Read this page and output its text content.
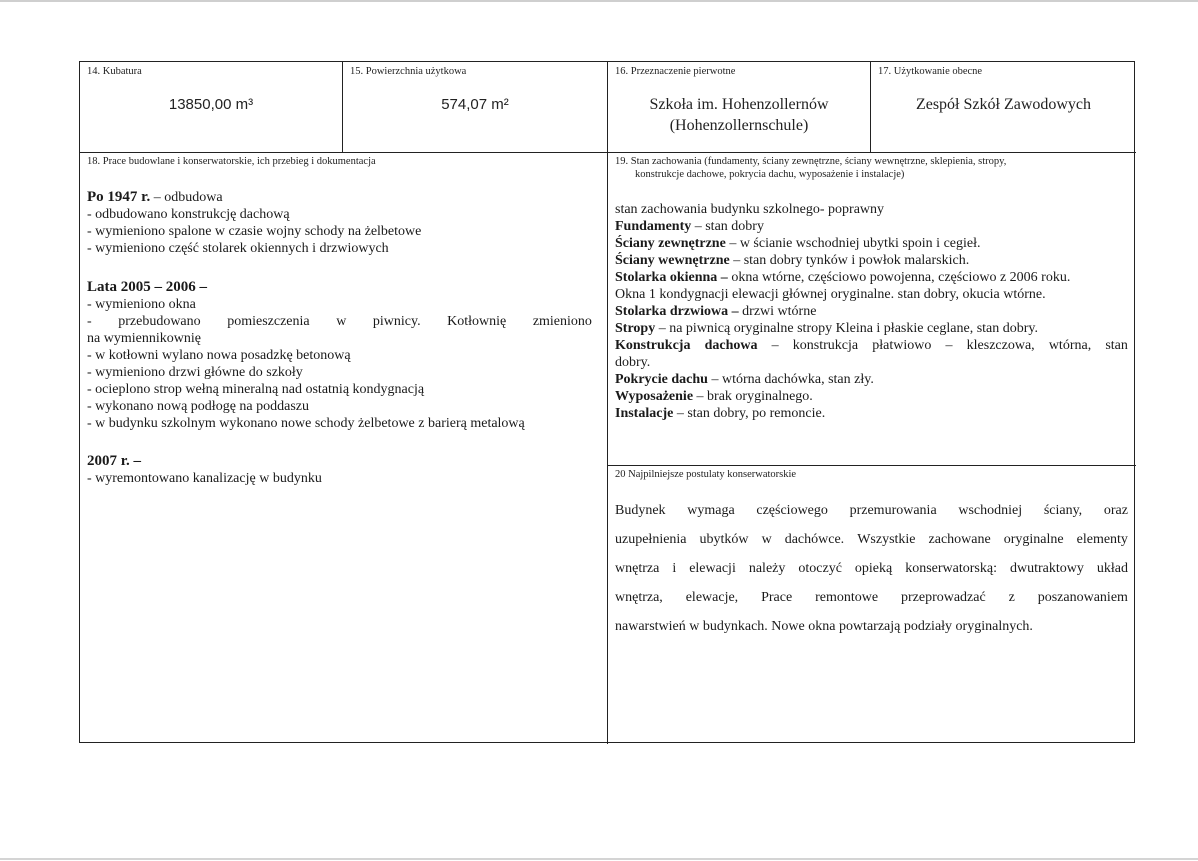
14. Kubatura
13850,00 m³
15. Powierzchnia użytkowa
574,07 m²
16. Przeznaczenie pierwotne
Szkoła im. Hohenzollernów
(Hohenzollernschule)
17. Użytkowanie obecne
Zespół Szkół Zawodowych
18. Prace budowlane i konserwatorskie, ich przebieg i dokumentacja
Po 1947 r. – odbudowa
- odbudowano konstrukcję dachową
- wymieniono spalone w czasie wojny schody na żelbetowe
- wymieniono część stolarek okiennych i drzwiowych
Lata 2005 – 2006 –
- wymieniono okna
- przebudowano pomieszczenia w piwnicy. Kotłownię zmieniono
na wymiennikownię
- w kotłowni wylano nowa posadzkę betonową
- wymieniono drzwi główne do szkoły
- ocieplono strop wełną mineralną nad ostatnią kondygnacją
- wykonano nową podłogę na poddaszu
- w budynku szkolnym wykonano nowe schody żelbetowe z barierą metalową
2007 r. –
- wyremontowano kanalizację w budynku
19. Stan zachowania (fundamenty, ściany zewnętrzne, ściany wewnętrzne, sklepienia, stropy,
konstrukcje dachowe, pokrycia dachu, wyposażenie i instalacje)
stan zachowania budynku szkolnego- poprawny
Fundamenty – stan dobry
Ściany zewnętrzne – w ścianie wschodniej ubytki spoin i cegieł.
Ściany wewnętrzne – stan dobry tynków i powłok malarskich.
Stolarka okienna – okna wtórne, częściowo powojenna, częściowo z 2006 roku.
Okna 1 kondygnacji elewacji głównej oryginalne. stan dobry, okucia wtórne.
Stolarka drzwiowa – drzwi wtórne
Stropy – na piwnicą oryginalne stropy Kleina i płaskie ceglane, stan dobry.
Konstrukcja dachowa – konstrukcja płatwiowo – kleszczowa, wtórna, stan
dobry.
Pokrycie dachu – wtórna dachówka, stan zły.
Wyposażenie – brak oryginalnego.
Instalacje – stan dobry, po remoncie.
20 Najpilniejsze postulaty konserwatorskie
Budynek wymaga częściowego przemurowania wschodniej ściany, oraz
uzupełnienia ubytków w dachówce. Wszystkie zachowane oryginalne elementy
wnętrza i elewacji należy otoczyć opieką konserwatorską: dwutraktowy układ
wnętrza, elewacje, Prace remontowe przeprowadzać z poszanowaniem
nawarstwień w budynkach. Nowe okna powtarzają podziały oryginalnych.
